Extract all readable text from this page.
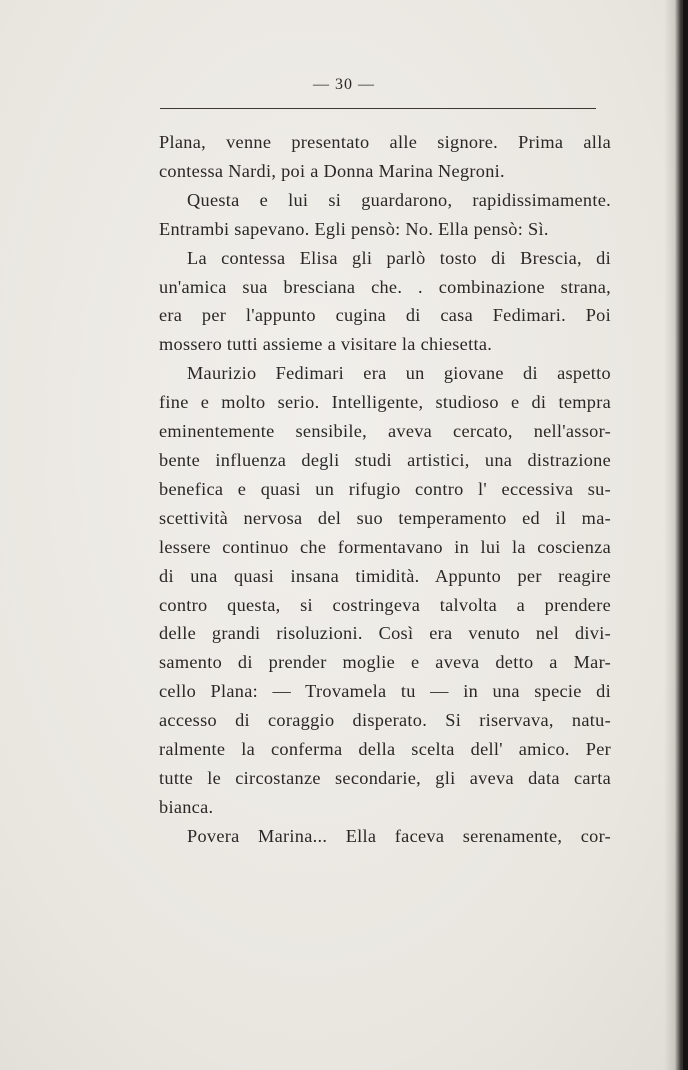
— 30 —
Plana, venne presentato alle signore. Prima alla
contessa Nardi, poi a Donna Marina Negroni.
Questa e lui si guardarono, rapidissimamente.
Entrambi sapevano. Egli pensò: No. Ella pensò: Sì.
La contessa Elisa gli parlò tosto di Brescia, di
un'amica sua bresciana che. . combinazione strana,
era per l'appunto cugina di casa Fedimari. Poi
mossero tutti assieme a visitare la chiesetta.
Maurizio Fedimari era un giovane di aspetto
fine e molto serio. Intelligente, studioso e di tempra
eminentemente sensibile, aveva cercato, nell'assor-
bente influenza degli studi artistici, una distrazione
benefica e quasi un rifugio contro l' eccessiva su-
scettività nervosa del suo temperamento ed il ma-
lessere continuo che formentavano in lui la coscienza
di una quasi insana timidità. Appunto per reagire
contro questa, si costringeva talvolta a prendere
delle grandi risoluzioni. Così era venuto nel divi-
samento di prender moglie e aveva detto a Mar-
cello Plana: — Trovamela tu — in una specie di
accesso di coraggio disperato. Si riservava, natu-
ralmente la conferma della scelta dell' amico. Per
tutte le circostanze secondarie, gli aveva data carta
bianca.
Povera Marina... Ella faceva serenamente, cor-
